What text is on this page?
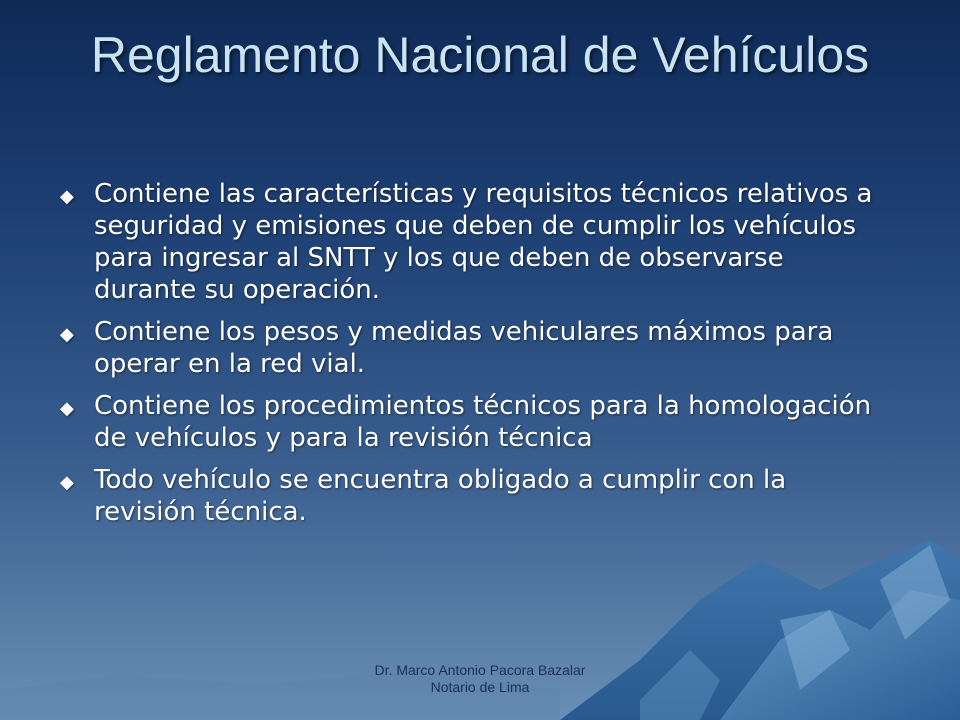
Reglamento Nacional de Vehículos
◆ Contiene las características y requisitos técnicos relativos a seguridad y emisiones que deben de cumplir los vehículos para ingresar al SNTT y los que deben de observarse durante su operación.
◆ Contiene los pesos y medidas vehiculares máximos para operar en la red vial.
◆ Contiene los procedimientos técnicos para la homologación de vehículos y para la revisión técnica
◆ Todo vehículo se encuentra obligado a cumplir con la revisión técnica.
Dr. Marco Antonio Pacora Bazalar
Notario de Lima
